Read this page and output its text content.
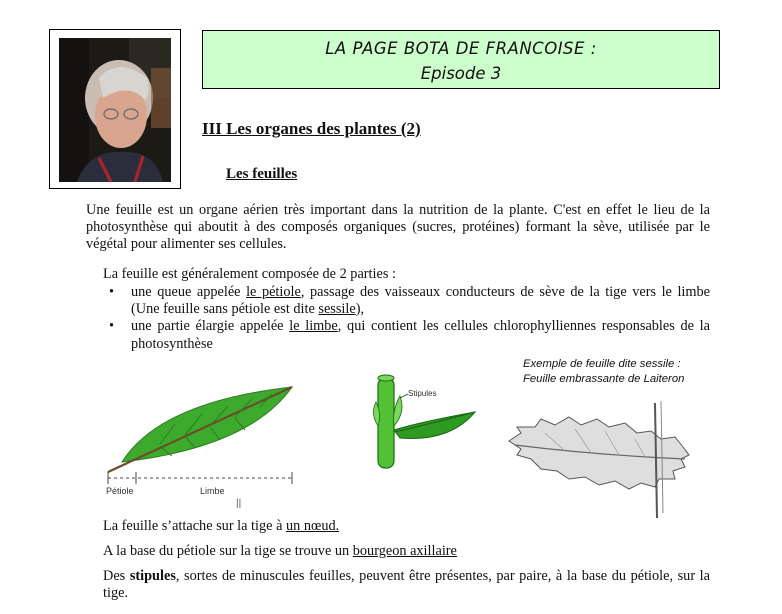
LA PAGE BOTA DE FRANCOISE :
Episode 3
III Les organes des plantes (2)
Les feuilles
Une feuille est un organe aérien très important dans la nutrition de la plante. C'est en effet le lieu de la photosynthèse qui aboutit à des composés organiques (sucres, protéines) formant la sève, utilisée par le végétal pour alimenter ses cellules.
La feuille est généralement composée de 2 parties :
• une queue appelée le pétiole, passage des vaisseaux conducteurs de sève de la tige vers le limbe (Une feuille sans pétiole est dite sessile),
• une partie élargie appelée le limbe, qui contient les cellules chlorophylliennes responsables de la photosynthèse
Exemple de feuille dite sessile :
Feuille embrassante de Laiteron
Pétiole	Limbe
||
Stipules
La feuille s’attache sur la tige à un nœud.
A la base du pétiole sur la tige se trouve un bourgeon axillaire
Des stipules, sortes de minuscules feuilles, peuvent être présentes, par paire, à la base du pétiole, sur la tige.
